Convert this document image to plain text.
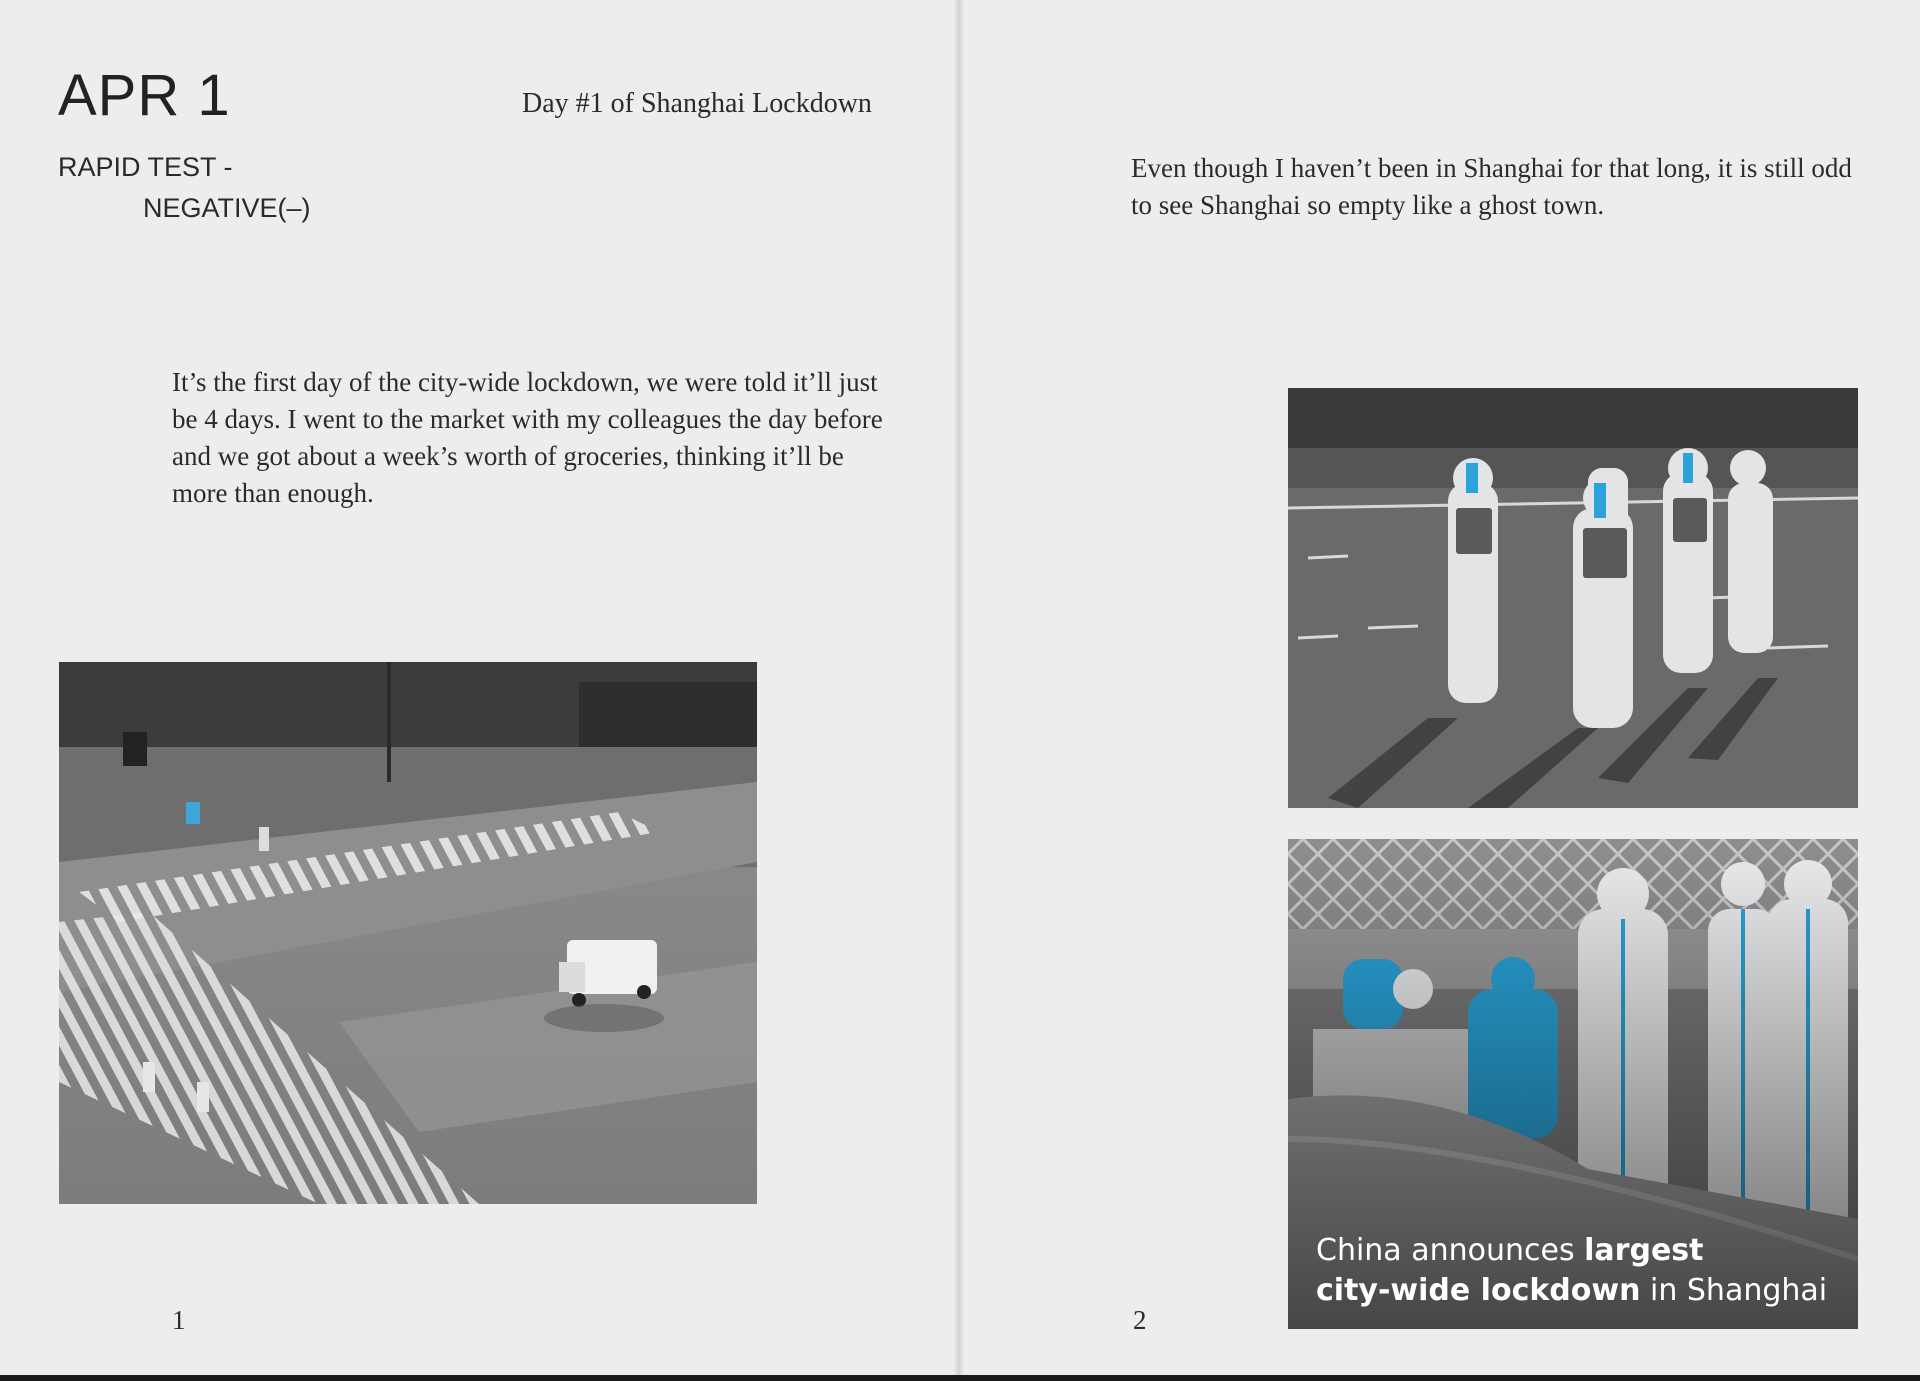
APR 1	Day #1 of Shanghai Lockdown
RAPID TEST -
NEGATIVE(–)

It’s the first day of the city-wide lockdown, we were told it’ll just be 4 days. I went to the market with my colleagues the day before and we got about a week’s worth of groceries, thinking it’ll be more than enough.

1

Even though I haven’t been in Shanghai for that long, it is still odd to see Shanghai so empty like a ghost town.

China announces largest
city-wide lockdown in Shanghai
2
